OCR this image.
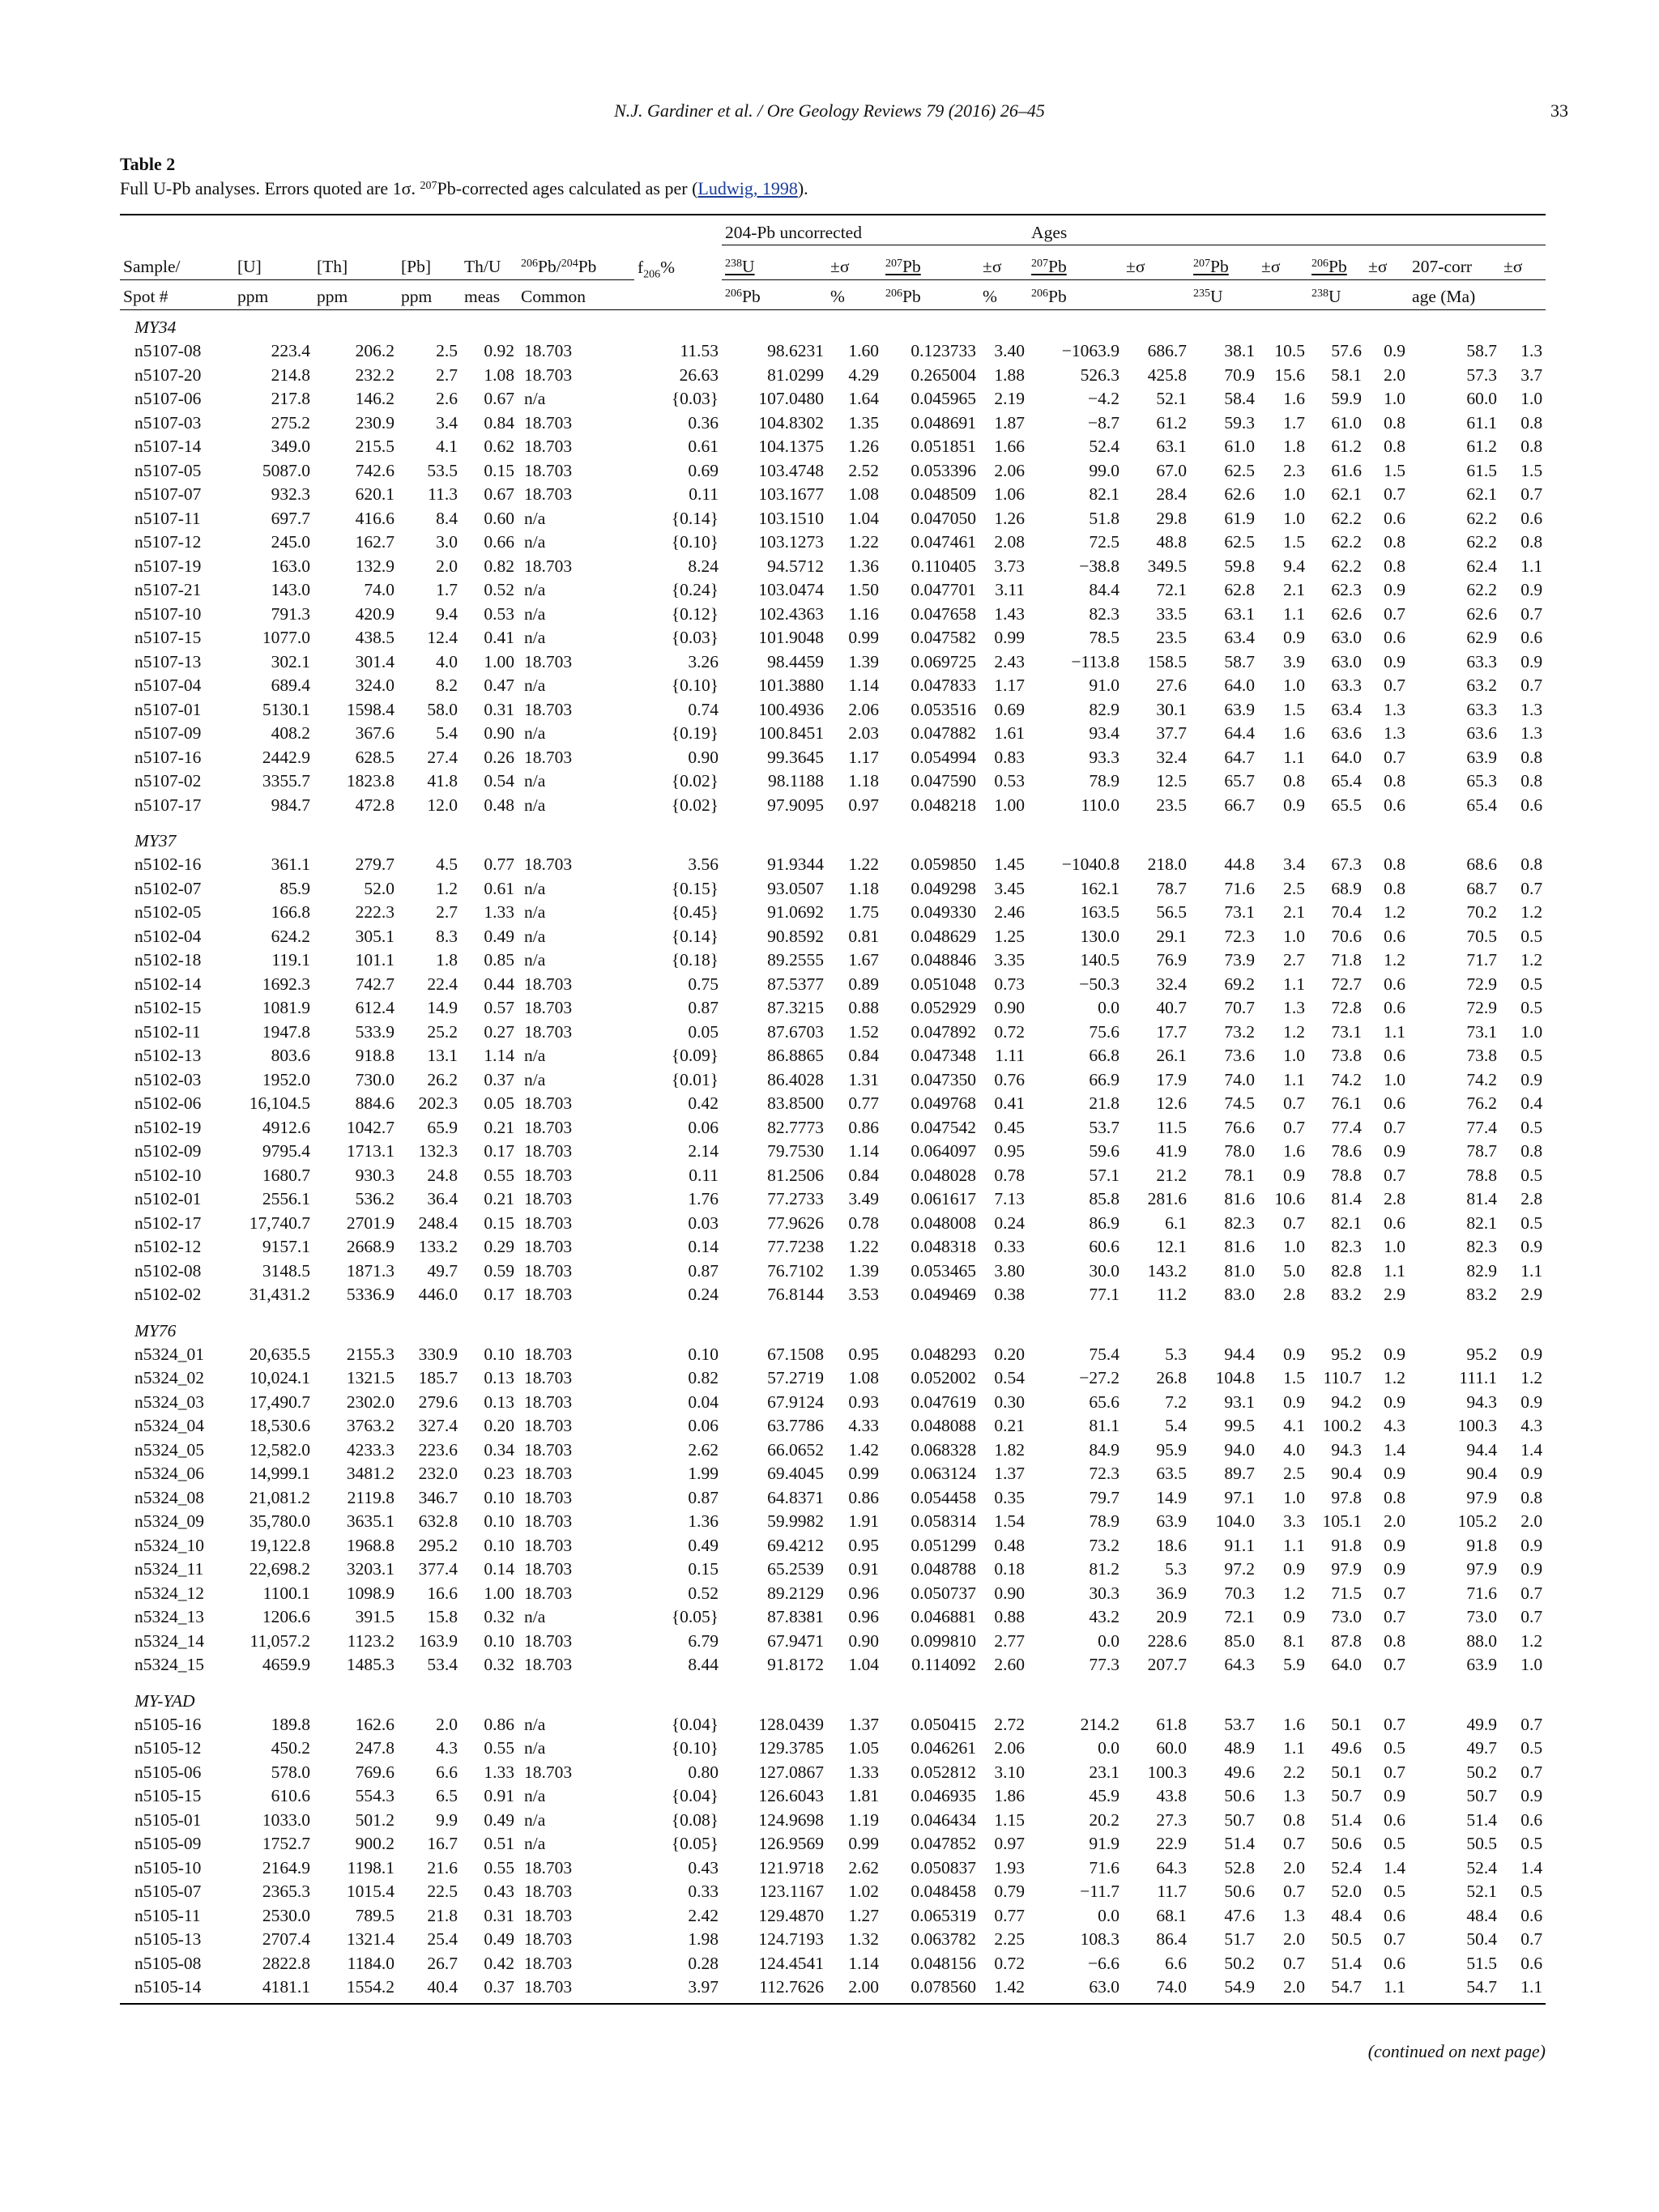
N.J. Gardiner et al. / Ore Geology Reviews 79 (2016) 26–45	33
Table 2
Full U-Pb analyses. Errors quoted are 1σ. $^{207}$Pb-corrected ages calculated as per (Ludwig, 1998).
							204-Pb uncorrected				Ages							
Sample/	[U]	[Th]	[Pb]	Th/U	$^{206}$Pb/$^{204}$Pb	$f_{206}\%$	$^{238}$U	±σ	$^{207}$Pb	±σ	$^{207}$Pb	±σ	$^{207}$Pb	±σ	$^{206}$Pb	±σ	207-corr	±σ
Spot #	ppm	ppm	ppm	meas	Common		$^{206}$Pb	%	$^{206}$Pb	%	$^{206}$Pb		$^{235}$U		$^{238}$U		age (Ma)	
MY34																		
n5107-08	223.4	206.2	2.5	0.92	18.703	11.53	98.6231	1.60	0.123733	3.40	−1063.9	686.7	38.1	10.5	57.6	0.9	58.7	1.3
n5107-20	214.8	232.2	2.7	1.08	18.703	26.63	81.0299	4.29	0.265004	1.88	526.3	425.8	70.9	15.6	58.1	2.0	57.3	3.7
n5107-06	217.8	146.2	2.6	0.67	n/a	{0.03}	107.0480	1.64	0.045965	2.19	−4.2	52.1	58.4	1.6	59.9	1.0	60.0	1.0
n5107-03	275.2	230.9	3.4	0.84	18.703	0.36	104.8302	1.35	0.048691	1.87	−8.7	61.2	59.3	1.7	61.0	0.8	61.1	0.8
n5107-14	349.0	215.5	4.1	0.62	18.703	0.61	104.1375	1.26	0.051851	1.66	52.4	63.1	61.0	1.8	61.2	0.8	61.2	0.8
n5107-05	5087.0	742.6	53.5	0.15	18.703	0.69	103.4748	2.52	0.053396	2.06	99.0	67.0	62.5	2.3	61.6	1.5	61.5	1.5
n5107-07	932.3	620.1	11.3	0.67	18.703	0.11	103.1677	1.08	0.048509	1.06	82.1	28.4	62.6	1.0	62.1	0.7	62.1	0.7
n5107-11	697.7	416.6	8.4	0.60	n/a	{0.14}	103.1510	1.04	0.047050	1.26	51.8	29.8	61.9	1.0	62.2	0.6	62.2	0.6
n5107-12	245.0	162.7	3.0	0.66	n/a	{0.10}	103.1273	1.22	0.047461	2.08	72.5	48.8	62.5	1.5	62.2	0.8	62.2	0.8
n5107-19	163.0	132.9	2.0	0.82	18.703	8.24	94.5712	1.36	0.110405	3.73	−38.8	349.5	59.8	9.4	62.2	0.8	62.4	1.1
n5107-21	143.0	74.0	1.7	0.52	n/a	{0.24}	103.0474	1.50	0.047701	3.11	84.4	72.1	62.8	2.1	62.3	0.9	62.2	0.9
n5107-10	791.3	420.9	9.4	0.53	n/a	{0.12}	102.4363	1.16	0.047658	1.43	82.3	33.5	63.1	1.1	62.6	0.7	62.6	0.7
n5107-15	1077.0	438.5	12.4	0.41	n/a	{0.03}	101.9048	0.99	0.047582	0.99	78.5	23.5	63.4	0.9	63.0	0.6	62.9	0.6
n5107-13	302.1	301.4	4.0	1.00	18.703	3.26	98.4459	1.39	0.069725	2.43	−113.8	158.5	58.7	3.9	63.0	0.9	63.3	0.9
n5107-04	689.4	324.0	8.2	0.47	n/a	{0.10}	101.3880	1.14	0.047833	1.17	91.0	27.6	64.0	1.0	63.3	0.7	63.2	0.7
n5107-01	5130.1	1598.4	58.0	0.31	18.703	0.74	100.4936	2.06	0.053516	0.69	82.9	30.1	63.9	1.5	63.4	1.3	63.3	1.3
n5107-09	408.2	367.6	5.4	0.90	n/a	{0.19}	100.8451	2.03	0.047882	1.61	93.4	37.7	64.4	1.6	63.6	1.3	63.6	1.3
n5107-16	2442.9	628.5	27.4	0.26	18.703	0.90	99.3645	1.17	0.054994	0.83	93.3	32.4	64.7	1.1	64.0	0.7	63.9	0.8
n5107-02	3355.7	1823.8	41.8	0.54	n/a	{0.02}	98.1188	1.18	0.047590	0.53	78.9	12.5	65.7	0.8	65.4	0.8	65.3	0.8
n5107-17	984.7	472.8	12.0	0.48	n/a	{0.02}	97.9095	0.97	0.048218	1.00	110.0	23.5	66.7	0.9	65.5	0.6	65.4	0.6
MY37																		
n5102-16	361.1	279.7	4.5	0.77	18.703	3.56	91.9344	1.22	0.059850	1.45	−1040.8	218.0	44.8	3.4	67.3	0.8	68.6	0.8
n5102-07	85.9	52.0	1.2	0.61	n/a	{0.15}	93.0507	1.18	0.049298	3.45	162.1	78.7	71.6	2.5	68.9	0.8	68.7	0.7
n5102-05	166.8	222.3	2.7	1.33	n/a	{0.45}	91.0692	1.75	0.049330	2.46	163.5	56.5	73.1	2.1	70.4	1.2	70.2	1.2
n5102-04	624.2	305.1	8.3	0.49	n/a	{0.14}	90.8592	0.81	0.048629	1.25	130.0	29.1	72.3	1.0	70.6	0.6	70.5	0.5
n5102-18	119.1	101.1	1.8	0.85	n/a	{0.18}	89.2555	1.67	0.048846	3.35	140.5	76.9	73.9	2.7	71.8	1.2	71.7	1.2
n5102-14	1692.3	742.7	22.4	0.44	18.703	0.75	87.5377	0.89	0.051048	0.73	−50.3	32.4	69.2	1.1	72.7	0.6	72.9	0.5
n5102-15	1081.9	612.4	14.9	0.57	18.703	0.87	87.3215	0.88	0.052929	0.90	0.0	40.7	70.7	1.3	72.8	0.6	72.9	0.5
n5102-11	1947.8	533.9	25.2	0.27	18.703	0.05	87.6703	1.52	0.047892	0.72	75.6	17.7	73.2	1.2	73.1	1.1	73.1	1.0
n5102-13	803.6	918.8	13.1	1.14	n/a	{0.09}	86.8865	0.84	0.047348	1.11	66.8	26.1	73.6	1.0	73.8	0.6	73.8	0.5
n5102-03	1952.0	730.0	26.2	0.37	n/a	{0.01}	86.4028	1.31	0.047350	0.76	66.9	17.9	74.0	1.1	74.2	1.0	74.2	0.9
n5102-06	16,104.5	884.6	202.3	0.05	18.703	0.42	83.8500	0.77	0.049768	0.41	21.8	12.6	74.5	0.7	76.1	0.6	76.2	0.4
n5102-19	4912.6	1042.7	65.9	0.21	18.703	0.06	82.7773	0.86	0.047542	0.45	53.7	11.5	76.6	0.7	77.4	0.7	77.4	0.5
n5102-09	9795.4	1713.1	132.3	0.17	18.703	2.14	79.7530	1.14	0.064097	0.95	59.6	41.9	78.0	1.6	78.6	0.9	78.7	0.8
n5102-10	1680.7	930.3	24.8	0.55	18.703	0.11	81.2506	0.84	0.048028	0.78	57.1	21.2	78.1	0.9	78.8	0.7	78.8	0.5
n5102-01	2556.1	536.2	36.4	0.21	18.703	1.76	77.2733	3.49	0.061617	7.13	85.8	281.6	81.6	10.6	81.4	2.8	81.4	2.8
n5102-17	17,740.7	2701.9	248.4	0.15	18.703	0.03	77.9626	0.78	0.048008	0.24	86.9	6.1	82.3	0.7	82.1	0.6	82.1	0.5
n5102-12	9157.1	2668.9	133.2	0.29	18.703	0.14	77.7238	1.22	0.048318	0.33	60.6	12.1	81.6	1.0	82.3	1.0	82.3	0.9
n5102-08	3148.5	1871.3	49.7	0.59	18.703	0.87	76.7102	1.39	0.053465	3.80	30.0	143.2	81.0	5.0	82.8	1.1	82.9	1.1
n5102-02	31,431.2	5336.9	446.0	0.17	18.703	0.24	76.8144	3.53	0.049469	0.38	77.1	11.2	83.0	2.8	83.2	2.9	83.2	2.9
MY76																		
n5324_01	20,635.5	2155.3	330.9	0.10	18.703	0.10	67.1508	0.95	0.048293	0.20	75.4	5.3	94.4	0.9	95.2	0.9	95.2	0.9
n5324_02	10,024.1	1321.5	185.7	0.13	18.703	0.82	57.2719	1.08	0.052002	0.54	−27.2	26.8	104.8	1.5	110.7	1.2	111.1	1.2
n5324_03	17,490.7	2302.0	279.6	0.13	18.703	0.04	67.9124	0.93	0.047619	0.30	65.6	7.2	93.1	0.9	94.2	0.9	94.3	0.9
n5324_04	18,530.6	3763.2	327.4	0.20	18.703	0.06	63.7786	4.33	0.048088	0.21	81.1	5.4	99.5	4.1	100.2	4.3	100.3	4.3
n5324_05	12,582.0	4233.3	223.6	0.34	18.703	2.62	66.0652	1.42	0.068328	1.82	84.9	95.9	94.0	4.0	94.3	1.4	94.4	1.4
n5324_06	14,999.1	3481.2	232.0	0.23	18.703	1.99	69.4045	0.99	0.063124	1.37	72.3	63.5	89.7	2.5	90.4	0.9	90.4	0.9
n5324_08	21,081.2	2119.8	346.7	0.10	18.703	0.87	64.8371	0.86	0.054458	0.35	79.7	14.9	97.1	1.0	97.8	0.8	97.9	0.8
n5324_09	35,780.0	3635.1	632.8	0.10	18.703	1.36	59.9982	1.91	0.058314	1.54	78.9	63.9	104.0	3.3	105.1	2.0	105.2	2.0
n5324_10	19,122.8	1968.8	295.2	0.10	18.703	0.49	69.4212	0.95	0.051299	0.48	73.2	18.6	91.1	1.1	91.8	0.9	91.8	0.9
n5324_11	22,698.2	3203.1	377.4	0.14	18.703	0.15	65.2539	0.91	0.048788	0.18	81.2	5.3	97.2	0.9	97.9	0.9	97.9	0.9
n5324_12	1100.1	1098.9	16.6	1.00	18.703	0.52	89.2129	0.96	0.050737	0.90	30.3	36.9	70.3	1.2	71.5	0.7	71.6	0.7
n5324_13	1206.6	391.5	15.8	0.32	n/a	{0.05}	87.8381	0.96	0.046881	0.88	43.2	20.9	72.1	0.9	73.0	0.7	73.0	0.7
n5324_14	11,057.2	1123.2	163.9	0.10	18.703	6.79	67.9471	0.90	0.099810	2.77	0.0	228.6	85.0	8.1	87.8	0.8	88.0	1.2
n5324_15	4659.9	1485.3	53.4	0.32	18.703	8.44	91.8172	1.04	0.114092	2.60	77.3	207.7	64.3	5.9	64.0	0.7	63.9	1.0
MY-YAD																		
n5105-16	189.8	162.6	2.0	0.86	n/a	{0.04}	128.0439	1.37	0.050415	2.72	214.2	61.8	53.7	1.6	50.1	0.7	49.9	0.7
n5105-12	450.2	247.8	4.3	0.55	n/a	{0.10}	129.3785	1.05	0.046261	2.06	0.0	60.0	48.9	1.1	49.6	0.5	49.7	0.5
n5105-06	578.0	769.6	6.6	1.33	18.703	0.80	127.0867	1.33	0.052812	3.10	23.1	100.3	49.6	2.2	50.1	0.7	50.2	0.7
n5105-15	610.6	554.3	6.5	0.91	n/a	{0.04}	126.6043	1.81	0.046935	1.86	45.9	43.8	50.6	1.3	50.7	0.9	50.7	0.9
n5105-01	1033.0	501.2	9.9	0.49	n/a	{0.08}	124.9698	1.19	0.046434	1.15	20.2	27.3	50.7	0.8	51.4	0.6	51.4	0.6
n5105-09	1752.7	900.2	16.7	0.51	n/a	{0.05}	126.9569	0.99	0.047852	0.97	91.9	22.9	51.4	0.7	50.6	0.5	50.5	0.5
n5105-10	2164.9	1198.1	21.6	0.55	18.703	0.43	121.9718	2.62	0.050837	1.93	71.6	64.3	52.8	2.0	52.4	1.4	52.4	1.4
n5105-07	2365.3	1015.4	22.5	0.43	18.703	0.33	123.1167	1.02	0.048458	0.79	−11.7	11.7	50.6	0.7	52.0	0.5	52.1	0.5
n5105-11	2530.0	789.5	21.8	0.31	18.703	2.42	129.4870	1.27	0.065319	0.77	0.0	68.1	47.6	1.3	48.4	0.6	48.4	0.6
n5105-13	2707.4	1321.4	25.4	0.49	18.703	1.98	124.7193	1.32	0.063782	2.25	108.3	86.4	51.7	2.0	50.5	0.7	50.4	0.7
n5105-08	2822.8	1184.0	26.7	0.42	18.703	0.28	124.4541	1.14	0.048156	0.72	−6.6	6.6	50.2	0.7	51.4	0.6	51.5	0.6
n5105-14	4181.1	1554.2	40.4	0.37	18.703	3.97	112.7626	2.00	0.078560	1.42	63.0	74.0	54.9	2.0	54.7	1.1	54.7	1.1
(continued on next page)
